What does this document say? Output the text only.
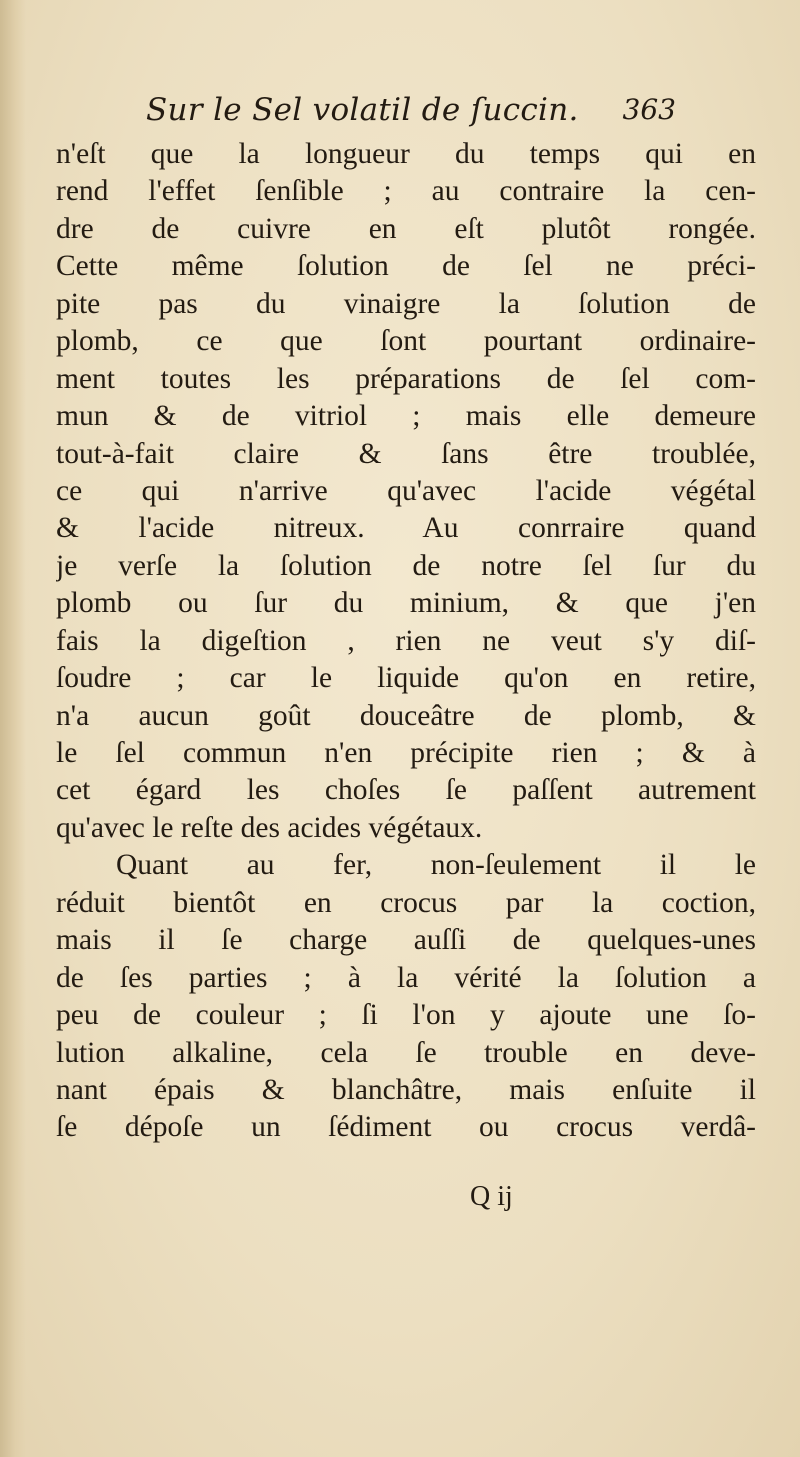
Sur le Sel volatil de ſuccin. 363
n'eſt que la longueur du temps qui en
rend l'effet ſenſible ; au contraire la cen-
dre de cuivre en eſt plutôt rongée.
Cette même ſolution de ſel ne préci-
pite pas du vinaigre la ſolution de
plomb, ce que ſont pourtant ordinaire-
ment toutes les préparations de ſel com-
mun & de vitriol ; mais elle demeure
tout-à-fait claire & ſans être troublée,
ce qui n'arrive qu'avec l'acide végétal
& l'acide nitreux. Au conrraire quand
je verſe la ſolution de notre ſel ſur du
plomb ou ſur du minium, & que j'en
fais la digeſtion , rien ne veut s'y diſ-
ſoudre ; car le liquide qu'on en retire,
n'a aucun goût douceâtre de plomb, &
le ſel commun n'en précipite rien ; & à
cet égard les choſes ſe paſſent autrement
qu'avec le reſte des acides végétaux.
Quant au fer, non-ſeulement il le
réduit bientôt en crocus par la coction,
mais il ſe charge auſſi de quelques-unes
de ſes parties ; à la vérité la ſolution a
peu de couleur ; ſi l'on y ajoute une ſo-
lution alkaline, cela ſe trouble en deve-
nant épais & blanchâtre, mais enſuite il
ſe dépoſe un ſédiment ou crocus verdâ-
Q ij
